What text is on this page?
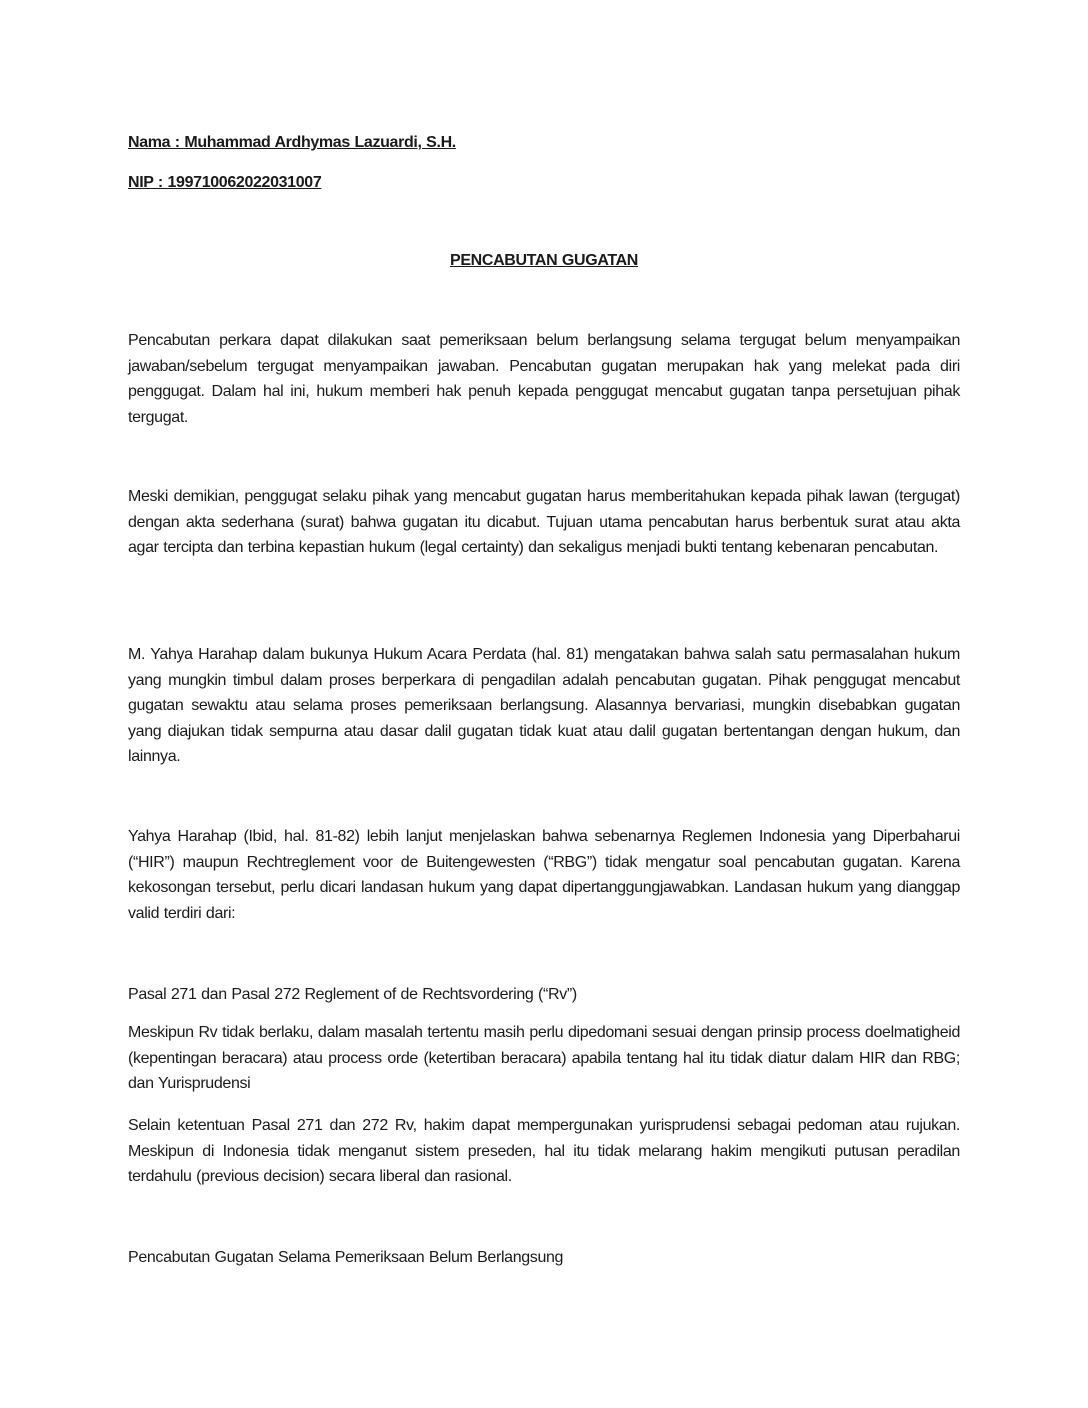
Nama : Muhammad Ardhymas Lazuardi, S.H.

NIP : 199710062022031007

PENCABUTAN GUGATAN

Pencabutan perkara dapat dilakukan saat pemeriksaan belum berlangsung selama tergugat belum menyampaikan jawaban/sebelum tergugat menyampaikan jawaban. Pencabutan gugatan merupakan hak yang melekat pada diri penggugat. Dalam hal ini, hukum memberi hak penuh kepada penggugat mencabut gugatan tanpa persetujuan pihak tergugat.

Meski demikian, penggugat selaku pihak yang mencabut gugatan harus memberitahukan kepada pihak lawan (tergugat) dengan akta sederhana (surat) bahwa gugatan itu dicabut. Tujuan utama pencabutan harus berbentuk surat atau akta agar tercipta dan terbina kepastian hukum (legal certainty) dan sekaligus menjadi bukti tentang kebenaran pencabutan.

M. Yahya Harahap dalam bukunya Hukum Acara Perdata (hal. 81) mengatakan bahwa salah satu permasalahan hukum yang mungkin timbul dalam proses berperkara di pengadilan adalah pencabutan gugatan. Pihak penggugat mencabut gugatan sewaktu atau selama proses pemeriksaan berlangsung. Alasannya bervariasi, mungkin disebabkan gugatan yang diajukan tidak sempurna atau dasar dalil gugatan tidak kuat atau dalil gugatan bertentangan dengan hukum, dan lainnya.

Yahya Harahap (Ibid, hal. 81-82) lebih lanjut menjelaskan bahwa sebenarnya Reglemen Indonesia yang Diperbaharui (“HIR”) maupun Rechtreglement voor de Buitengewesten (“RBG”) tidak mengatur soal pencabutan gugatan. Karena kekosongan tersebut, perlu dicari landasan hukum yang dapat dipertanggungjawabkan. Landasan hukum yang dianggap valid terdiri dari:

Pasal 271 dan Pasal 272 Reglement of de Rechtsvordering (“Rv”)

Meskipun Rv tidak berlaku, dalam masalah tertentu masih perlu dipedomani sesuai dengan prinsip process doelmatigheid (kepentingan beracara) atau process orde (ketertiban beracara) apabila tentang hal itu tidak diatur dalam HIR dan RBG; dan Yurisprudensi

Selain ketentuan Pasal 271 dan 272 Rv, hakim dapat mempergunakan yurisprudensi sebagai pedoman atau rujukan. Meskipun di Indonesia tidak menganut sistem preseden, hal itu tidak melarang hakim mengikuti putusan peradilan terdahulu (previous decision) secara liberal dan rasional.

Pencabutan Gugatan Selama Pemeriksaan Belum Berlangsung
